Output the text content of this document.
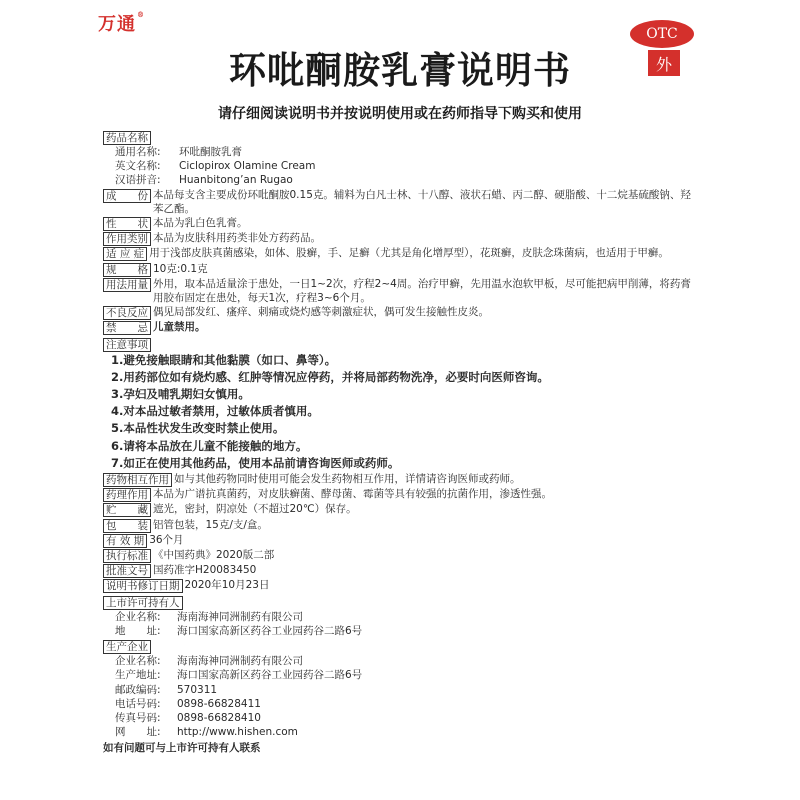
万通®
OTC
外
环吡酮胺乳膏说明书
请仔细阅读说明书并按说明使用或在药师指导下购买和使用
药品名称
通用名称:	环吡酮胺乳膏
英文名称:	Ciclopirox Olamine Cream
汉语拼音:	Huanbitong’an Rugao
成　　份 本品每支含主要成份环吡酮胺0.15克。辅料为白凡士林、十八醇、液状石蜡、丙二醇、硬脂酸、十二烷基硫酸钠、羟苯乙酯。
性　　状 本品为乳白色乳膏。
作用类别 本品为皮肤科用药类非处方药药品。
适 应 症 用于浅部皮肤真菌感染，如体、股癣，手、足癣（尤其是角化增厚型），花斑癣，皮肤念珠菌病，也适用于甲癣。
规　　格 10克:0.1克
用法用量 外用，取本品适量涂于患处，一日1~2次，疗程2~4周。治疗甲癣，先用温水泡软甲板，尽可能把病甲削薄，将药膏用胶布固定在患处，每天1次，疗程3~6个月。
不良反应 偶见局部发红、瘙痒、刺痛或烧灼感等刺激症状，偶可发生接触性皮炎。
禁　　忌 儿童禁用。
注意事项
1.避免接触眼睛和其他黏膜（如口、鼻等）。
2.用药部位如有烧灼感、红肿等情况应停药，并将局部药物洗净，必要时向医师咨询。
3.孕妇及哺乳期妇女慎用。
4.对本品过敏者禁用，过敏体质者慎用。
5.本品性状发生改变时禁止使用。
6.请将本品放在儿童不能接触的地方。
7.如正在使用其他药品，使用本品前请咨询医师或药师。
药物相互作用 如与其他药物同时使用可能会发生药物相互作用，详情请咨询医师或药师。
药理作用 本品为广谱抗真菌药，对皮肤癣菌、酵母菌、霉菌等具有较强的抗菌作用，渗透性强。
贮　　藏 遮光，密封，阴凉处（不超过20℃）保存。
包　　装 铝管包装，15克/支/盒。
有 效 期 36个月
执行标准 《中国药典》2020版二部
批准文号 国药准字H20083450
说明书修订日期 2020年10月23日
上市许可持有人
企业名称: 海南海神同洲制药有限公司
地　　址: 海口国家高新区药谷工业园药谷二路6号
生产企业
企业名称: 海南海神同洲制药有限公司
生产地址: 海口国家高新区药谷工业园药谷二路6号
邮政编码: 570311
电话号码: 0898-66828411
传真号码: 0898-66828410
网　　址: http://www.hishen.com
如有问题可与上市许可持有人联系
